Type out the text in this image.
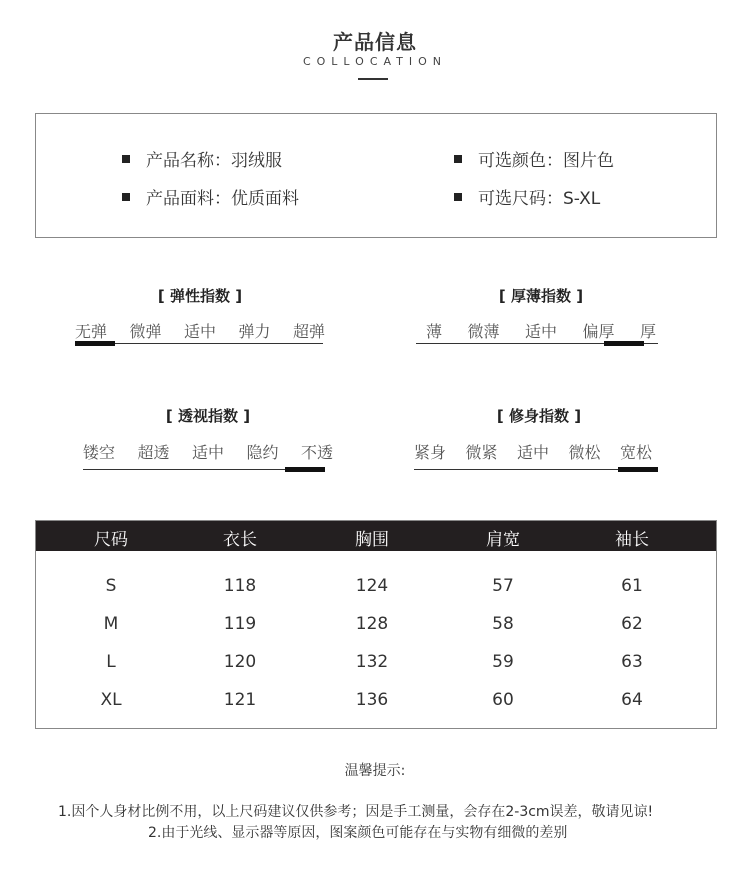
产品信息
COLLOCATION
产品名称：羽绒服
产品面料：优质面料
可选颜色：图片色
可选尺码：S-XL
[ 弹性指数 ]
无弹 微弹 适中 弹力 超弹
[ 厚薄指数 ]
薄 微薄 适中 偏厚 厚
[ 透视指数 ]
镂空 超透 适中 隐约 不透
[ 修身指数 ]
紧身 微紧 适中 微松 宽松
尺码	衣长	胸围	肩宽	袖长
S	118	124	57	61
M	119	128	58	62
L	120	132	59	63
XL	121	136	60	64
温馨提示:
1.因个人身材比例不用，以上尺码建议仅供参考；因是手工测量，会存在2-3cm误差，敬请见谅!
2.由于光线、显示器等原因，图案颜色可能存在与实物有细微的差别
